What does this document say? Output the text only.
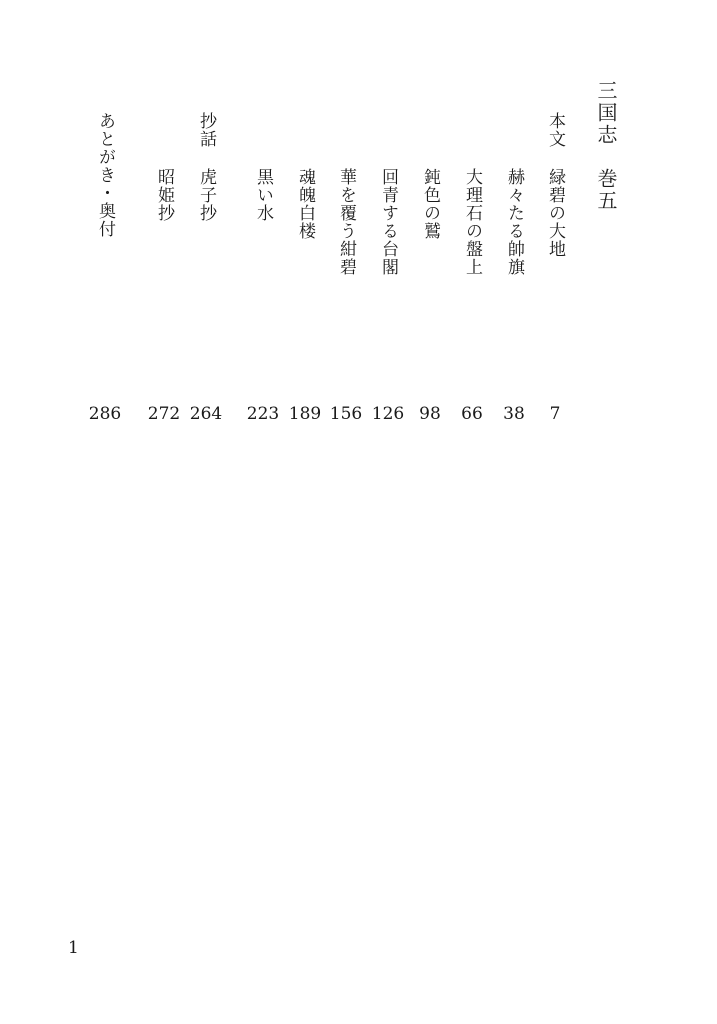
三国志　巻五
本文
抄話
緑碧の大地
赫々たる帥旗
大理石の盤上
鈍色の鷲
回青する台閣
華を覆う紺碧
魂魄白楼
黒い水
虎子抄
昭姫抄
あとがき・奥付
7
38
66
98
126
156
189
223
264
272
286
1
